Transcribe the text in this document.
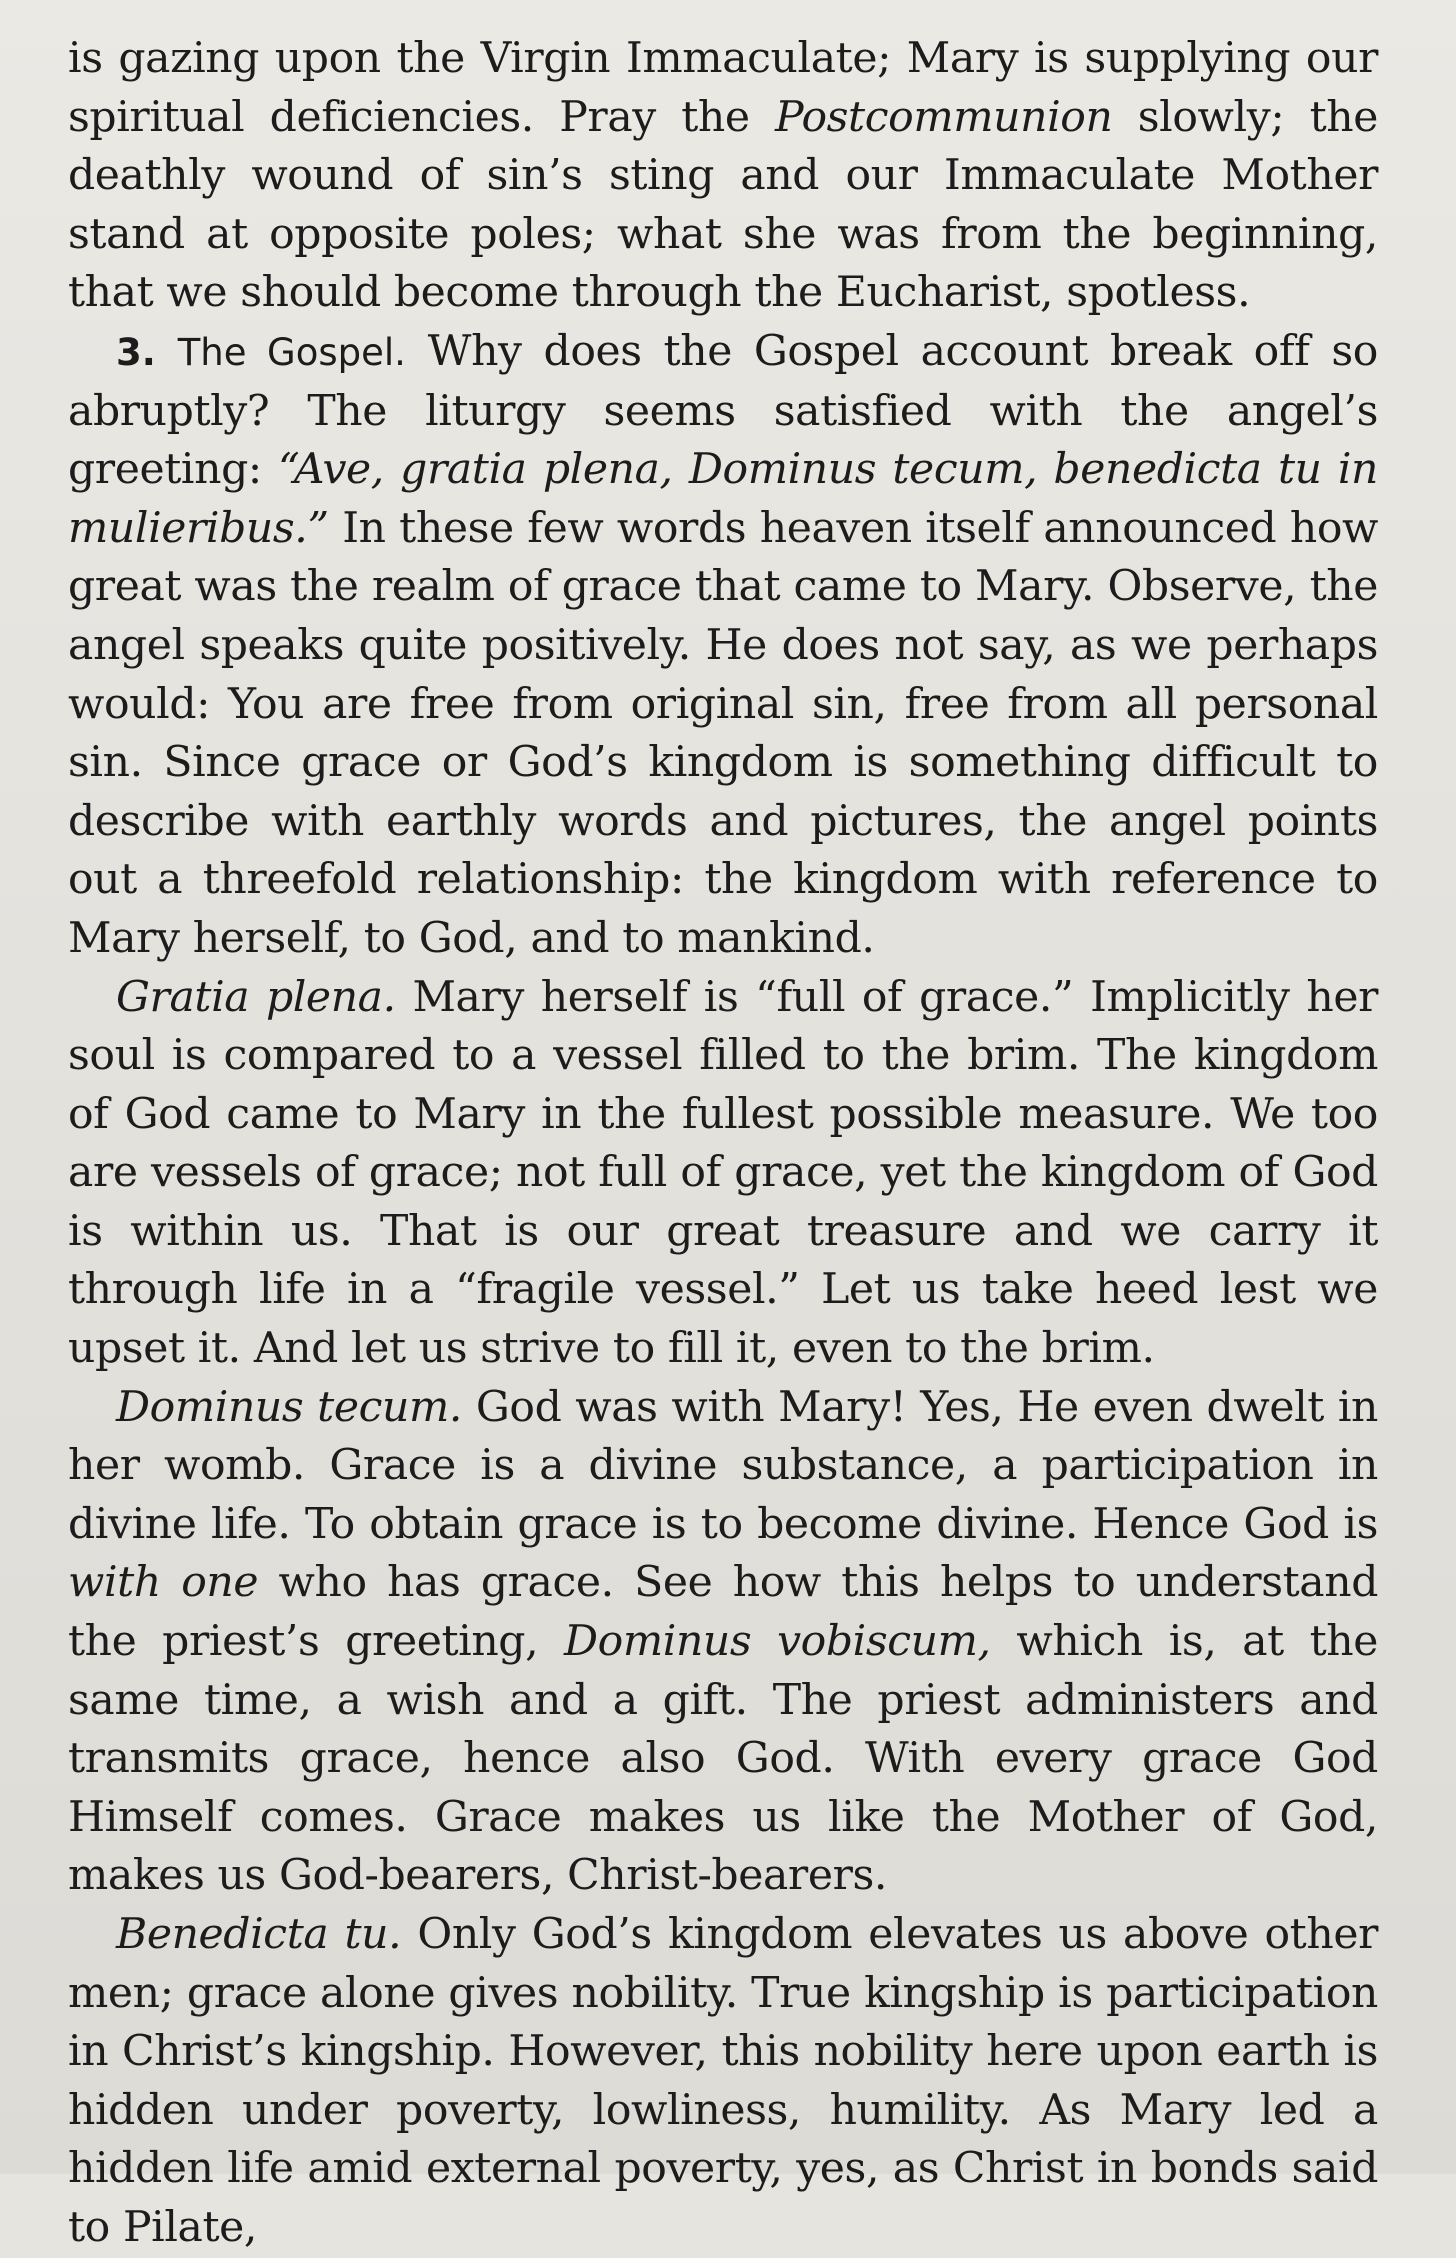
is gazing upon the Virgin Immaculate; Mary is supplying our spiritual deficiencies. Pray the Postcommunion slowly; the deathly wound of sin’s sting and our Immaculate Mother stand at opposite poles; what she was from the beginning, that we should become through the Eucharist, spotless.

3. The Gospel. Why does the Gospel account break off so abruptly? The liturgy seems satisfied with the angel’s greeting: “Ave, gratia plena, Dominus tecum, benedicta tu in mulieribus.” In these few words heaven itself announced how great was the realm of grace that came to Mary. Observe, the angel speaks quite positively. He does not say, as we perhaps would: You are free from original sin, free from all personal sin. Since grace or God’s kingdom is something difficult to describe with earthly words and pictures, the angel points out a threefold relationship: the kingdom with reference to Mary herself, to God, and to mankind.

Gratia plena. Mary herself is “full of grace.” Implicitly her soul is compared to a vessel filled to the brim. The kingdom of God came to Mary in the fullest possible measure. We too are vessels of grace; not full of grace, yet the kingdom of God is within us. That is our great treasure and we carry it through life in a “fragile vessel.” Let us take heed lest we upset it. And let us strive to fill it, even to the brim.

Dominus tecum. God was with Mary! Yes, He even dwelt in her womb. Grace is a divine substance, a participation in divine life. To obtain grace is to become divine. Hence God is with one who has grace. See how this helps to understand the priest’s greeting, Dominus vobiscum, which is, at the same time, a wish and a gift. The priest administers and transmits grace, hence also God. With every grace God Himself comes. Grace makes us like the Mother of God, makes us God-bearers, Christ-bearers.

Benedicta tu. Only God’s kingdom elevates us above other men; grace alone gives nobility. True kingship is participation in Christ’s kingship. However, this nobility here upon earth is hidden under poverty, lowliness, humility. As Mary led a hidden life amid external poverty, yes, as Christ in bonds said to Pilate,
